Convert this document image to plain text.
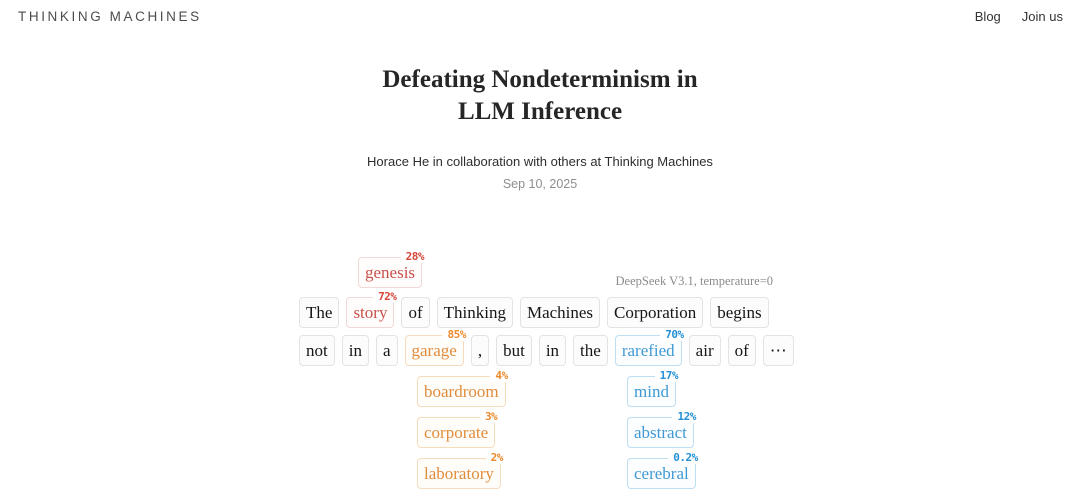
THINKING MACHINES	Blog Join us
Defeating Nondeterminism in
LLM Inference
Horace He in collaboration with others at Thinking Machines
Sep 10, 2025
DeepSeek V3.1, temperature=0
genesis
28%
The story
72%
of Thinking Machines Corporation begins
not in a garage
85%
, but in the rarefied
70%
air of ⋯
boardroom
4%
corporate
3%
laboratory
2%
mind
17%
abstract
12%
cerebral
0.2%
